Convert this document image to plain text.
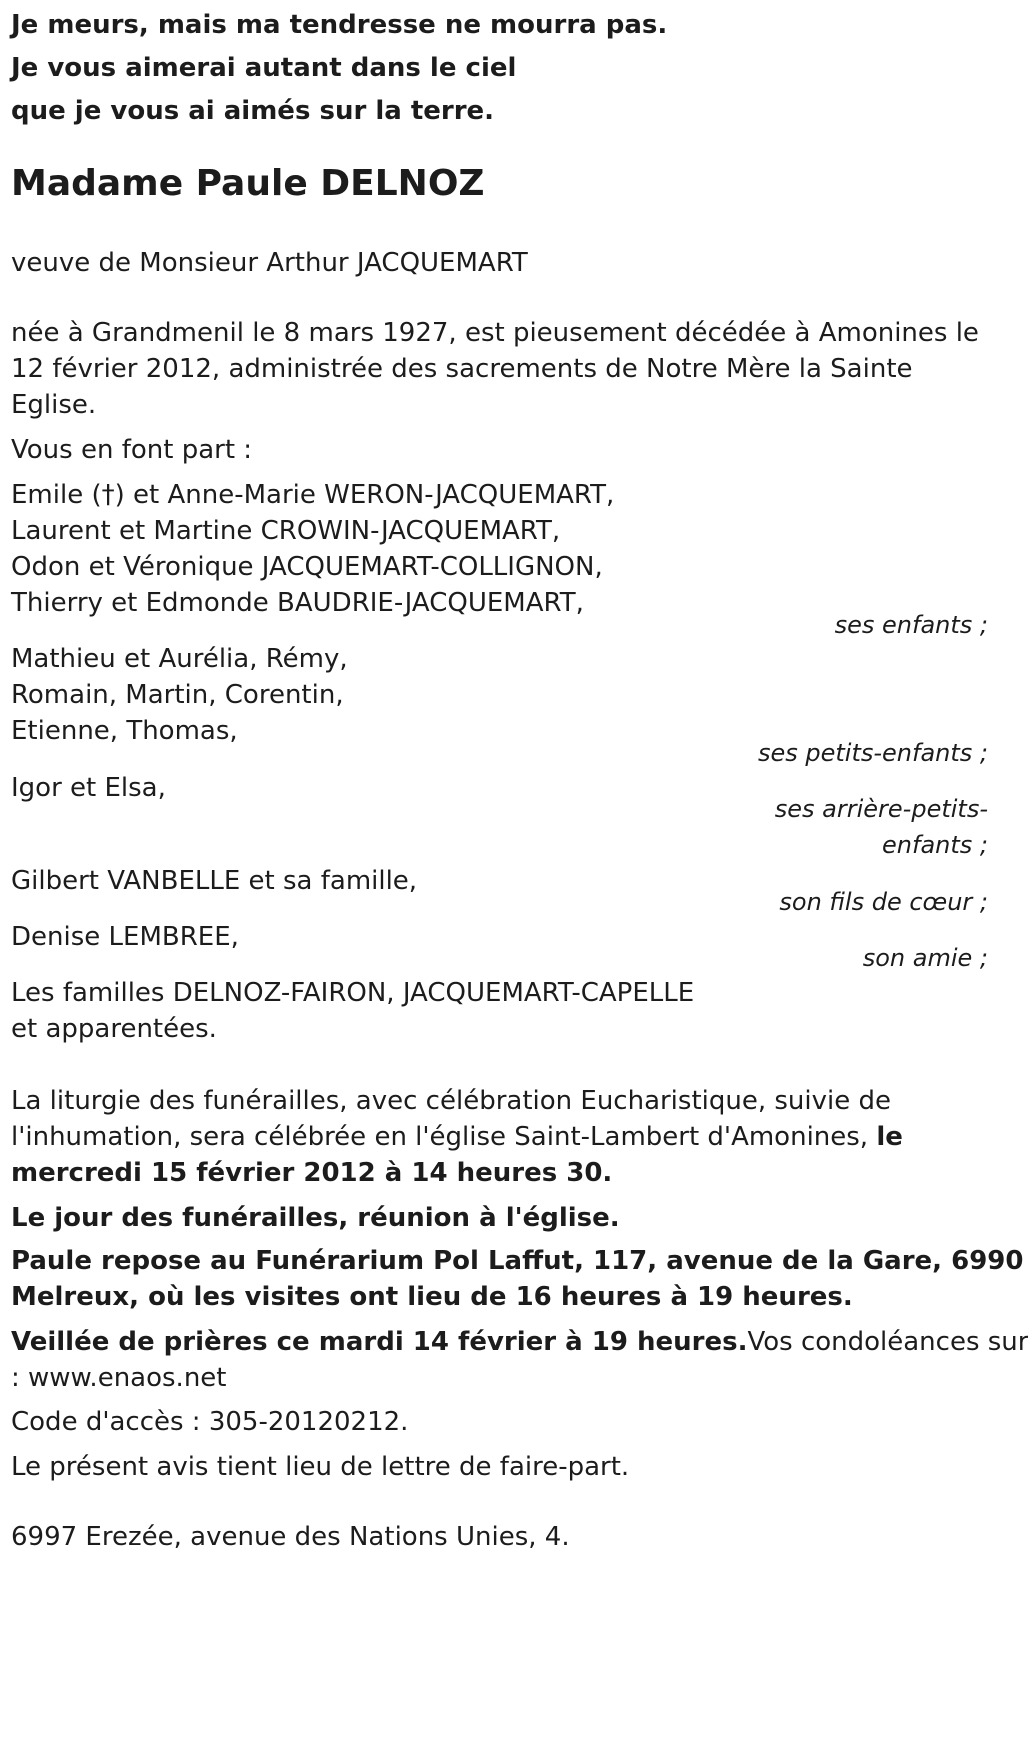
Je meurs, mais ma tendresse ne mourra pas.
Je vous aimerai autant dans le ciel
que je vous ai aimés sur la terre.
Madame Paule DELNOZ
veuve de Monsieur Arthur JACQUEMART
née à Grandmenil le 8 mars 1927, est pieusement décédée à Amonines le
12 février 2012, administrée des sacrements de Notre Mère la Sainte
Eglise.
Vous en font part :
Emile (†) et Anne-Marie WERON-JACQUEMART,
Laurent et Martine CROWIN-JACQUEMART,
Odon et Véronique JACQUEMART-COLLIGNON,
Thierry et Edmonde BAUDRIE-JACQUEMART,
ses enfants ;
Mathieu et Aurélia, Rémy,
Romain, Martin, Corentin,
Etienne, Thomas,
ses petits-enfants ;
Igor et Elsa,
ses arrière-petits-
enfants ;
Gilbert VANBELLE et sa famille,
son fils de cœur ;
Denise LEMBREE,
son amie ;
Les familles DELNOZ-FAIRON, JACQUEMART-CAPELLE
et apparentées.
La liturgie des funérailles, avec célébration Eucharistique, suivie de
l'inhumation, sera célébrée en l'église Saint-Lambert d'Amonines, le
mercredi 15 février 2012 à 14 heures 30.
Le jour des funérailles, réunion à l'église.
Paule repose au Funérarium Pol Laffut, 117, avenue de la Gare, 6990
Melreux, où les visites ont lieu de 16 heures à 19 heures.
Veillée de prières ce mardi 14 février à 19 heures.Vos condoléances sur
: www.enaos.net
Code d'accès : 305-20120212.
Le présent avis tient lieu de lettre de faire-part.
6997 Erezée, avenue des Nations Unies, 4.
